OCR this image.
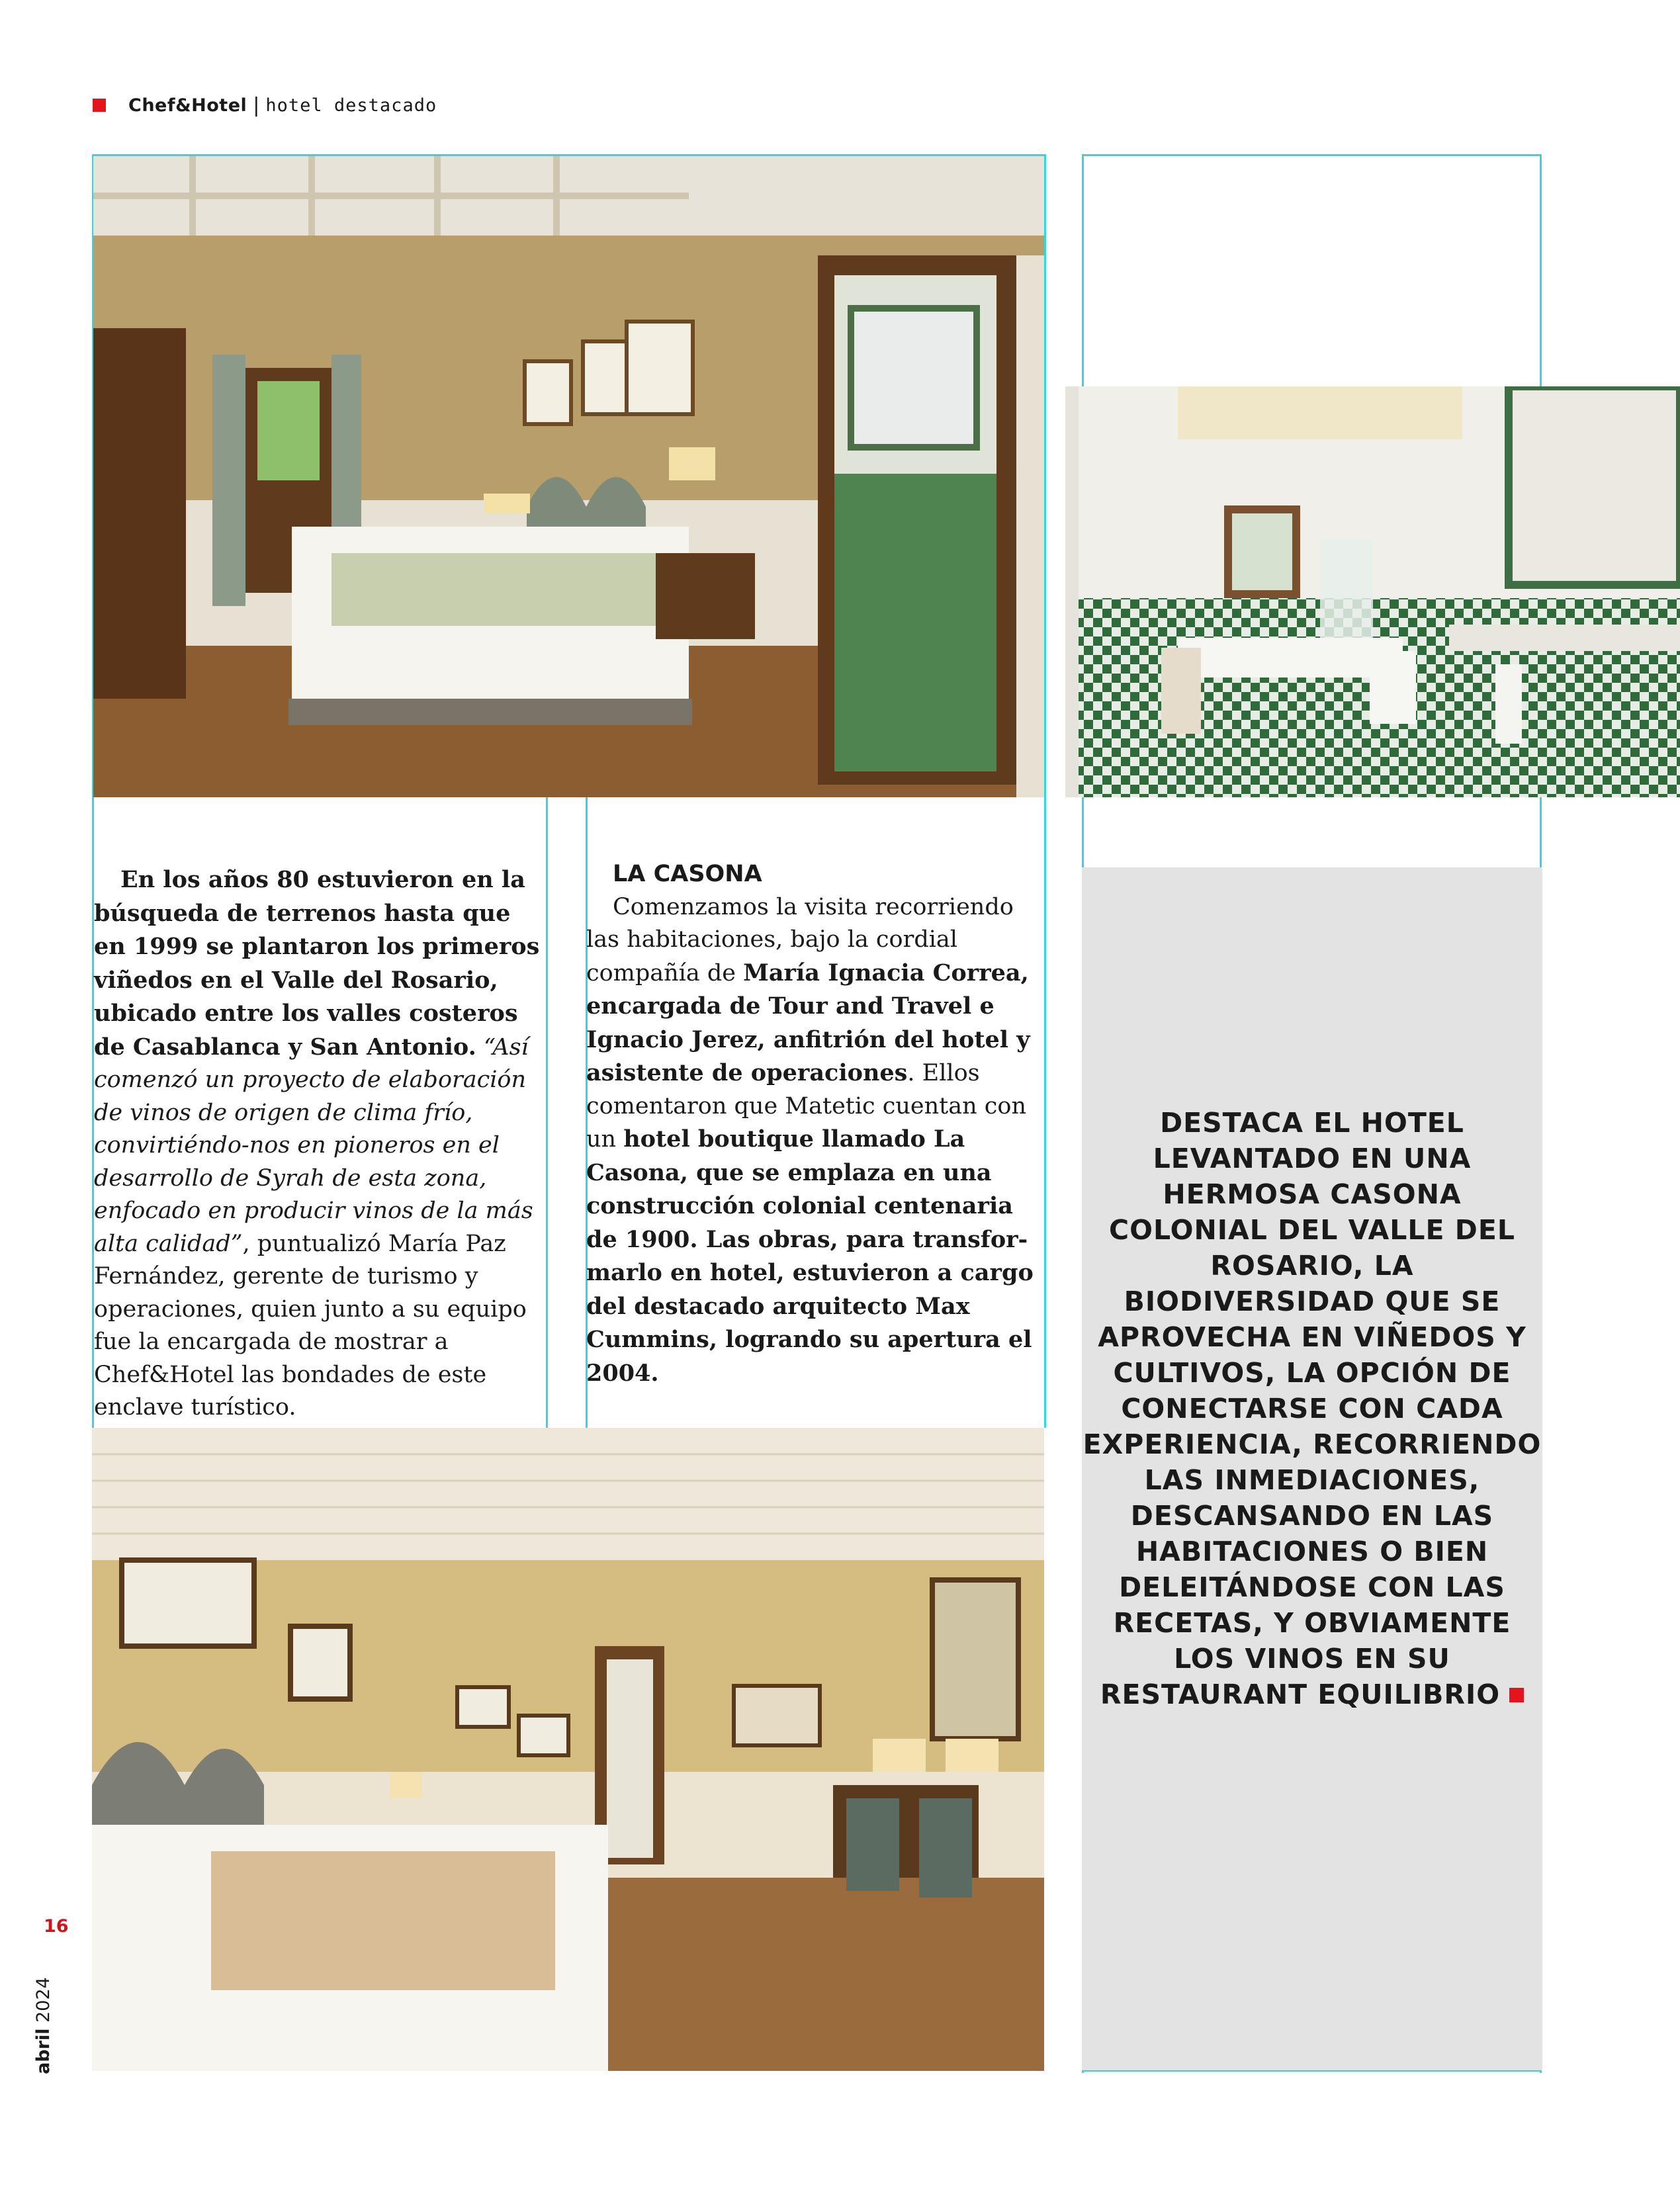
Chef&Hotel | hotel destacado
En los años 80 estuvieron en la búsqueda de terrenos hasta que en 1999 se plantaron los primeros viñedos en el Valle del Rosario, ubicado entre los valles costeros de Casablanca y San Antonio. “Así comenzó un proyecto de elaboración de vinos de origen de clima frío, convirtiéndo-nos en pioneros en el desarrollo de Syrah de esta zona, enfocado en producir vinos de la más alta calidad”, puntualizó María Paz Fernández, gerente de turismo y operaciones, quien junto a su equipo fue la encargada de mostrar a Chef&Hotel las bondades de este enclave turístico.
LA CASONA
Comenzamos la visita recorriendo las habitaciones, bajo la cordial compañía de María Ignacia Correa, encargada de Tour and Travel e Ignacio Jerez, anfitrión del hotel y asistente de operaciones. Ellos comentaron que Matetic cuentan con un hotel boutique llamado La Casona, que se emplaza en una construcción colonial centenaria de 1900. Las obras, para transfor-marlo en hotel, estuvieron a cargo del destacado arquitecto Max Cummins, logrando su apertura el 2004.
DESTACA EL HOTEL LEVANTADO EN UNA HERMOSA CASONA COLONIAL DEL VALLE DEL ROSARIO, LA BIODIVERSIDAD QUE SE APROVECHA EN VIÑEDOS Y CULTIVOS, LA OPCIÓN DE CONECTARSE CON CADA EXPERIENCIA, RECORRIENDO LAS INMEDIACIONES, DESCANSANDO EN LAS HABITACIONES O BIEN DELEITÁNDOSE CON LAS RECETAS, Y OBVIAMENTE LOS VINOS EN SU RESTAURANT EQUILIBRIO
16
abril 2024
